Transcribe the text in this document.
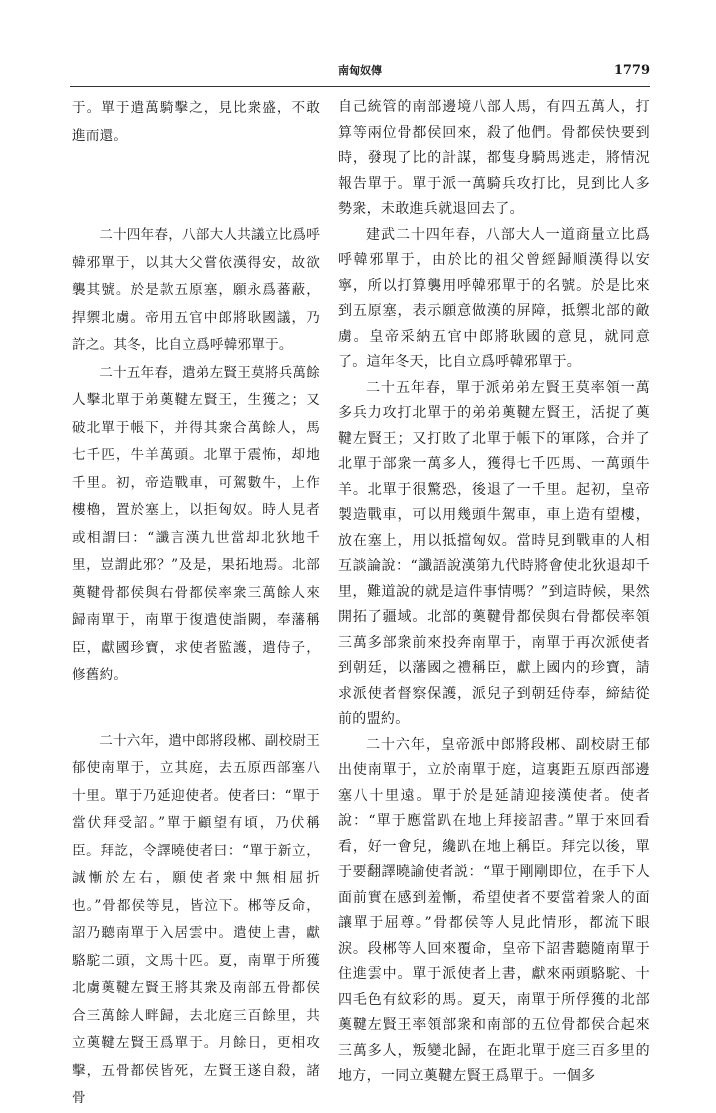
南匈奴傳	1779

于。單于遣萬騎擊之，見比衆盛，不敢進而還。

二十四年春，八部大人共議立比爲呼韓邪單于，以其大父嘗依漢得安，故欲襲其號。於是款五原塞，願永爲蕃蔽，捍禦北虜。帝用五官中郎將耿國議，乃許之。其冬，比自立爲呼韓邪單于。

二十五年春，遣弟左賢王莫將兵萬餘人擊北單于弟薁鞬左賢王，生獲之；又破北單于帳下，并得其衆合萬餘人，馬七千匹，牛羊萬頭。北單于震怖，却地千里。初，帝造戰車，可駕數牛，上作樓櫓，置於塞上，以拒匈奴。時人見者或相謂曰：“讖言漢九世當却北狄地千里，豈謂此邪？”及是，果拓地焉。北部薁鞬骨都侯與右骨都侯率衆三萬餘人來歸南單于，南單于復遣使詣闕，奉藩稱臣，獻國珍寶，求使者監護，遣侍子，修舊約。

二十六年，遣中郎將段郴、副校尉王郁使南單于，立其庭，去五原西部塞八十里。單于乃延迎使者。使者曰：“單于當伏拜受詔。”單于顧望有頃，乃伏稱臣。拜訖，令譯曉使者曰：“單于新立，誠慚於左右，願使者衆中無相屈折也。”骨都侯等見，皆泣下。郴等反命，詔乃聽南單于入居雲中。遣使上書，獻駱駝二頭，文馬十匹。夏，南單于所獲北虜薁鞬左賢王將其衆及南部五骨都侯合三萬餘人畔歸，去北庭三百餘里，共立薁鞬左賢王爲單于。月餘日，更相攻擊，五骨都侯皆死，左賢王遂自殺，諸骨

自己統管的南部邊境八部人馬，有四五萬人，打算等兩位骨都侯回來，殺了他們。骨都侯快要到時，發現了比的計謀，都隻身騎馬逃走，將情況報告單于。單于派一萬騎兵攻打比，見到比人多勢衆，未敢進兵就退回去了。

建武二十四年春，八部大人一道商量立比爲呼韓邪單于，由於比的祖父曾經歸順漢得以安寧，所以打算襲用呼韓邪單于的名號。於是比來到五原塞，表示願意做漢的屏障，抵禦北部的敵虜。皇帝采納五官中郎將耿國的意見，就同意了。這年冬天，比自立爲呼韓邪單于。

二十五年春，單于派弟弟左賢王莫率領一萬多兵力攻打北單于的弟弟薁鞬左賢王，活捉了薁鞬左賢王；又打敗了北單于帳下的軍隊，合并了北單于部衆一萬多人，獲得七千匹馬、一萬頭牛羊。北單于很驚恐，後退了一千里。起初，皇帝製造戰車，可以用幾頭牛駕車，車上造有望樓，放在塞上，用以抵擋匈奴。當時見到戰車的人相互談論說：“讖語說漢第九代時將會使北狄退却千里，難道說的就是這件事情嗎？”到這時候，果然開拓了疆域。北部的薁鞬骨都侯與右骨都侯率領三萬多部衆前來投奔南單于，南單于再次派使者到朝廷，以藩國之禮稱臣，獻上國内的珍寶，請求派使者督察保護，派兒子到朝廷侍奉，締結從前的盟約。

二十六年，皇帝派中郎將段郴、副校尉王郁出使南單于，立於南單于庭，這裏距五原西部邊塞八十里遠。單于於是延請迎接漢使者。使者說：“單于應當趴在地上拜接詔書。”單于來回看看，好一會兒，纔趴在地上稱臣。拜完以後，單于要翻譯曉諭使者説：“單于剛剛即位，在手下人面前實在感到羞慚，希望使者不要當着衆人的面讓單于屈尊。”骨都侯等人見此情形，都流下眼淚。段郴等人回來覆命，皇帝下詔書聽隨南單于住進雲中。單于派使者上書，獻來兩頭駱駝、十四毛色有紋彩的馬。夏天，南單于所俘獲的北部薁鞬左賢王率領部衆和南部的五位骨都侯合起來三萬多人，叛變北歸，在距北單于庭三百多里的地方，一同立薁鞬左賢王爲單于。一個多
